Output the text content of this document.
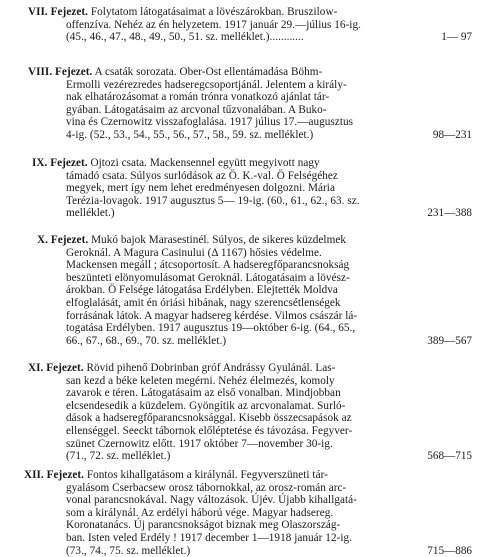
VII. Fejezet. Folytatom látogatásaimat a lövészárokban. Bruszilow-
offenzíva. Nehéz az én helyzetem. 1917 január 29.—július 16-ig.
(45., 46., 47., 48., 49., 50., 51. sz. melléklet.)............	1— 97
VIII. Fejezet. A csaták sorozata. Ober-Ost ellentámadása Böhm-
Ermolli vezérezredes hadseregcsoportjánál. Jelentem a király-
nak elhatározásomat a román trónra vonatkozó ajánlat tár-
gyában. Látogatásaim az arcvonal tűzvonalában. A Buko-
vina és Czernowitz visszafoglalása. 1917 július 17.—augusztus
4-ig. (52., 53., 54., 55., 56., 57., 58., 59. sz. melléklet.)	98—231
IX. Fejezet. Ojtozi csata. Mackensennel együtt megyivott nagy
támadó csata. Súlyos surlódások az Ö. K.-val. Ö Felségéhez
megyek, mert így nem lehet eredményesen dolgozni. Mária
Terézia-lovagok. 1917 augusztus 5— 19-ig. (60., 61., 62., 63. sz.
melléklet.)	231—388
X. Fejezet. Mukó bajok Marasestinél. Súlyos, de sikeres küzdelmek
Geroknál. A Magura Casinului (Δ 1167) hősies védelme.
Mackensen megáll ; átcsoportosít. A hadseregfőparancsnokság
beszünteti elönyomulásomat Geroknál. Látogatásaim a lövész-
árokban. Ö Felsége látogatása Erdélyben. Elejtették Moldva
elfoglalását, amit én óriási hibának, nagy szerencsétlenségek
forrásának látok. A magyar hadsereg kérdése. Vilmos császár lá-
togatása Erdélyben. 1917 augusztus 19—október 6-ig. (64., 65.,
66., 67., 68., 69., 70. sz. melléklet.)	389—567
XI. Fejezet. Rövid pihenő Dobrinban gróf Andrássy Gyulánál. Las-
san kezd a béke keleten megérni. Nehéz élelmezés, komoly
zavarok e téren. Látogatásaim az első vonalban. Mindjobban
elcsendesedik a küzdelem. Gyöngítik az arcvonalamat. Surló-
dások a hadseregfőparancsnoksággal. Kisebb összecsapások az
ellenséggel. Seeckt tábornok előléptetése és távozása. Fegyver-
szünet Czernowitz előtt. 1917 október 7—november 30-ig.
(71., 72. sz. melléklet.)	568—715
XII. Fejezet. Fontos kihallgatásom a királynál. Fegyverszüneti tár-
gyalásom Cserbacsew orosz tábornokkal, az orosz-román arc-
vonal parancsnokával. Nagy változások. Újév. Újabb kihallgatá-
som a királynál. Az erdélyi háború vége. Magyar hadsereg.
Koronatanács. Új parancsnokságot biznak meg Olaszország-
ban. Isten veled Erdély ! 1917 december 1—1918 január 12-ig.
(73., 74., 75. sz. melléklet.)	715—886
